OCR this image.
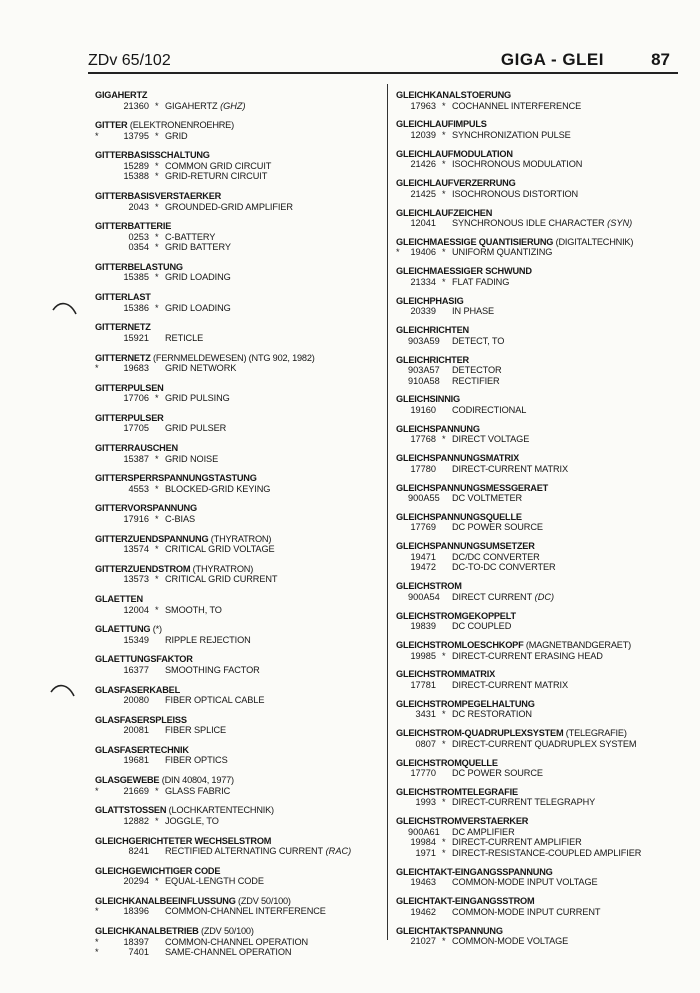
ZDv 65/102	GIGA - GLEI	87
GIGAHERTZ
21360 * GIGAHERTZ
(GHZ)
GITTER (ELEKTRONENROEHRE)
*	13795 * GRID
GITTERBASISSCHALTUNG
15289 * COMMON GRID CIRCUIT
15388 * GRID-RETURN CIRCUIT
GITTERBASISVERSTAERKER
2043 * GROUNDED-GRID AMPLIFIER
GITTERBATTERIE
0253 * C-BATTERY
0354 * GRID BATTERY
GITTERBELASTUNG
15385 * GRID LOADING
GITTERLAST
15386 * GRID LOADING
GITTERNETZ
15921	RETICLE
GITTERNETZ (FERNMELDEWESEN) (NTG 902, 1982)
*	19683	GRID NETWORK
GITTERPULSEN
17706 * GRID PULSING
GITTERPULSER
17705	GRID PULSER
GITTERRAUSCHEN
15387 * GRID NOISE
GITTERSPERRSPANNUNGSTASTUNG
4553 * BLOCKED-GRID KEYING
GITTERVORSPANNUNG
17916 * C-BIAS
GITTERZUENDSPANNUNG (THYRATRON)
13574 * CRITICAL GRID VOLTAGE
GITTERZUENDSTROM (THYRATRON)
13573 * CRITICAL GRID CURRENT
GLAETTEN
12004 * SMOOTH, TO
GLAETTUNG (*)
15349	RIPPLE REJECTION
GLAETTUNGSFAKTOR
16377	SMOOTHING FACTOR
GLASFASERKABEL
20080	FIBER OPTICAL CABLE
GLASFASERSPLEISS
20081	FIBER SPLICE
GLASFASERTECHNIK
19681	FIBER OPTICS
GLASGEWEBE (DIN 40804, 1977)
*	21669 * GLASS FABRIC
GLATTSTOSSEN (LOCHKARTENTECHNIK)
12882 * JOGGLE, TO
GLEICHGERICHTETER WECHSELSTROM
8241	RECTIFIED ALTERNATING CURRENT
(RAC)
GLEICHGEWICHTIGER CODE
20294 * EQUAL-LENGTH CODE
GLEICHKANALBEEINFLUSSUNG (ZDV 50/100)
*	18396	COMMON-CHANNEL INTERFERENCE
GLEICHKANALBETRIEB (ZDV 50/100)
*	18397	COMMON-CHANNEL OPERATION
*	7401	SAME-CHANNEL OPERATION
GLEICHKANALSTOERUNG
17963 * COCHANNEL INTERFERENCE
GLEICHLAUFIMPULS
12039 * SYNCHRONIZATION PULSE
GLEICHLAUFMODULATION
21426 * ISOCHRONOUS MODULATION
GLEICHLAUFVERZERRUNG
21425 * ISOCHRONOUS DISTORTION
GLEICHLAUFZEICHEN
12041	SYNCHRONOUS IDLE CHARACTER
(SYN)
GLEICHMAESSIGE QUANTISIERUNG (DIGITALTECHNIK)
*	19406 * UNIFORM QUANTIZING
GLEICHMAESSIGER SCHWUND
21334 * FLAT FADING
GLEICHPHASIG
20339	IN PHASE
GLEICHRICHTEN
903A59 DETECT, TO
GLEICHRICHTER
903A57 DETECTOR
910A58 RECTIFIER
GLEICHSINNIG
19160	CODIRECTIONAL
GLEICHSPANNUNG
17768 * DIRECT VOLTAGE
GLEICHSPANNUNGSMATRIX
17780	DIRECT-CURRENT MATRIX
GLEICHSPANNUNGSMESSGERAET
900A55 DC VOLTMETER
GLEICHSPANNUNGSQUELLE
17769	DC POWER SOURCE
GLEICHSPANNUNGSUMSETZER
19471	DC/DC CONVERTER
19472	DC-TO-DC CONVERTER
GLEICHSTROM
900A54 DIRECT CURRENT
(DC)
GLEICHSTROMGEKOPPELT
19839	DC COUPLED
GLEICHSTROMLOESCHKOPF (MAGNETBANDGERAET)
19985 * DIRECT-CURRENT ERASING HEAD
GLEICHSTROMMATRIX
17781	DIRECT-CURRENT MATRIX
GLEICHSTROMPEGELHALTUNG
3431 * DC RESTORATION
GLEICHSTROM-QUADRUPLEXSYSTEM (TELEGRAFIE)
0807 * DIRECT-CURRENT QUADRUPLEX SYSTEM
GLEICHSTROMQUELLE
17770	DC POWER SOURCE
GLEICHSTROMTELEGRAFIE
1993 * DIRECT-CURRENT TELEGRAPHY
GLEICHSTROMVERSTAERKER
900A61 DC AMPLIFIER
19984 * DIRECT-CURRENT AMPLIFIER
1971 * DIRECT-RESISTANCE-COUPLED AMPLIFIER
GLEICHTAKT-EINGANGSSPANNUNG
19463	COMMON-MODE INPUT VOLTAGE
GLEICHTAKT-EINGANGSSTROM
19462	COMMON-MODE INPUT CURRENT
GLEICHTAKTSPANNUNG
21027 * COMMON-MODE VOLTAGE
